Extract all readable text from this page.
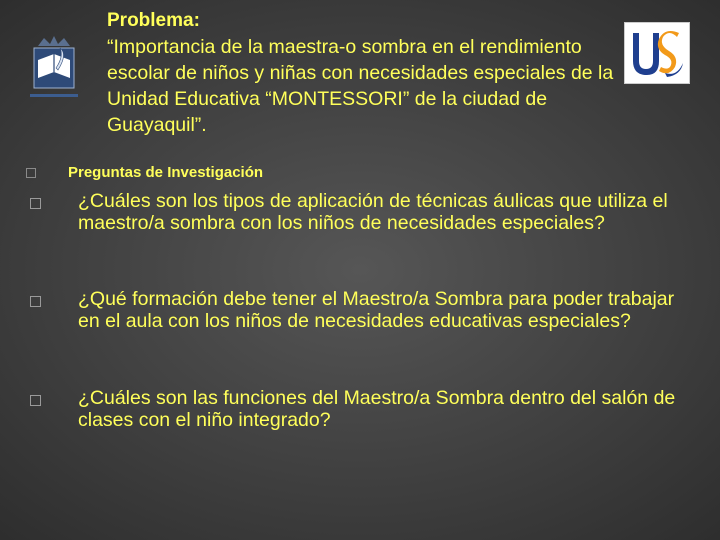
Problema:

“Importancia de la maestra-o sombra en el rendimiento escolar de niños y niñas con necesidades especiales de la Unidad Educativa “MONTESSORI” de la ciudad de Guayaquil”.

Preguntas de Investigación
¿Cuáles son los tipos de aplicación de técnicas áulicas que utiliza el maestro/a sombra con los niños de necesidades especiales?
¿Qué formación debe tener el Maestro/a Sombra para poder trabajar en el aula con los niños de necesidades educativas especiales?
¿Cuáles son las funciones del Maestro/a Sombra dentro del salón de clases con el niño integrado?
